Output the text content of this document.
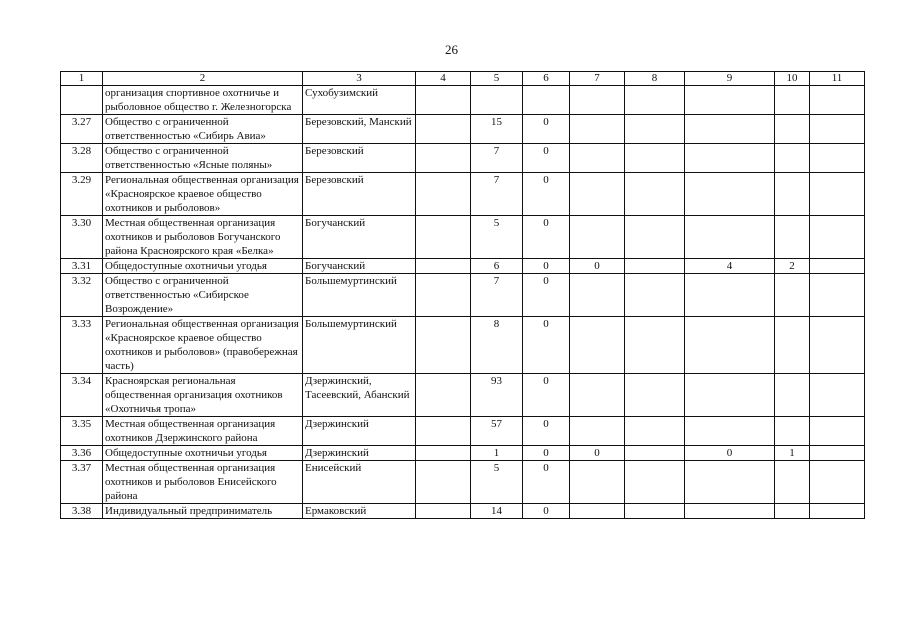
26
1	2	3	4	5	6	7	8	9	10	11
	организация спортивное охотничье и рыболовное общество г. Железногорска	Сухобузимский								
3.27	Общество с ограниченной ответственностью «Сибирь Авиа»	Березовский, Манский		15	0					
3.28	Общество с ограниченной ответственностью «Ясные поляны»	Березовский		7	0					
3.29	Региональная общественная организация «Красноярское краевое общество охотников и рыболовов»	Березовский		7	0					
3.30	Местная общественная организация охотников и рыболовов Богучанского района Красноярского края «Белка»	Богучанский		5	0					
3.31	Общедоступные охотничьи угодья	Богучанский		6	0	0		4	2	
3.32	Общество с ограниченной ответственностью «Сибирское Возрождение»	Большемуртинский		7	0					
3.33	Региональная общественная организация «Красноярское краевое общество охотников и рыболовов» (правобережная часть)	Большемуртинский		8	0					
3.34	Красноярская региональная общественная организация охотников «Охотничья тропа»	Дзержинский, Тасеевский, Абанский		93	0					
3.35	Местная общественная организация охотников Дзержинского района	Дзержинский		57	0					
3.36	Общедоступные охотничьи угодья	Дзержинский		1	0	0		0	1	
3.37	Местная общественная организация охотников и рыболовов Енисейского района	Енисейский		5	0					
3.38	Индивидуальный предприниматель	Ермаковский		14	0					
